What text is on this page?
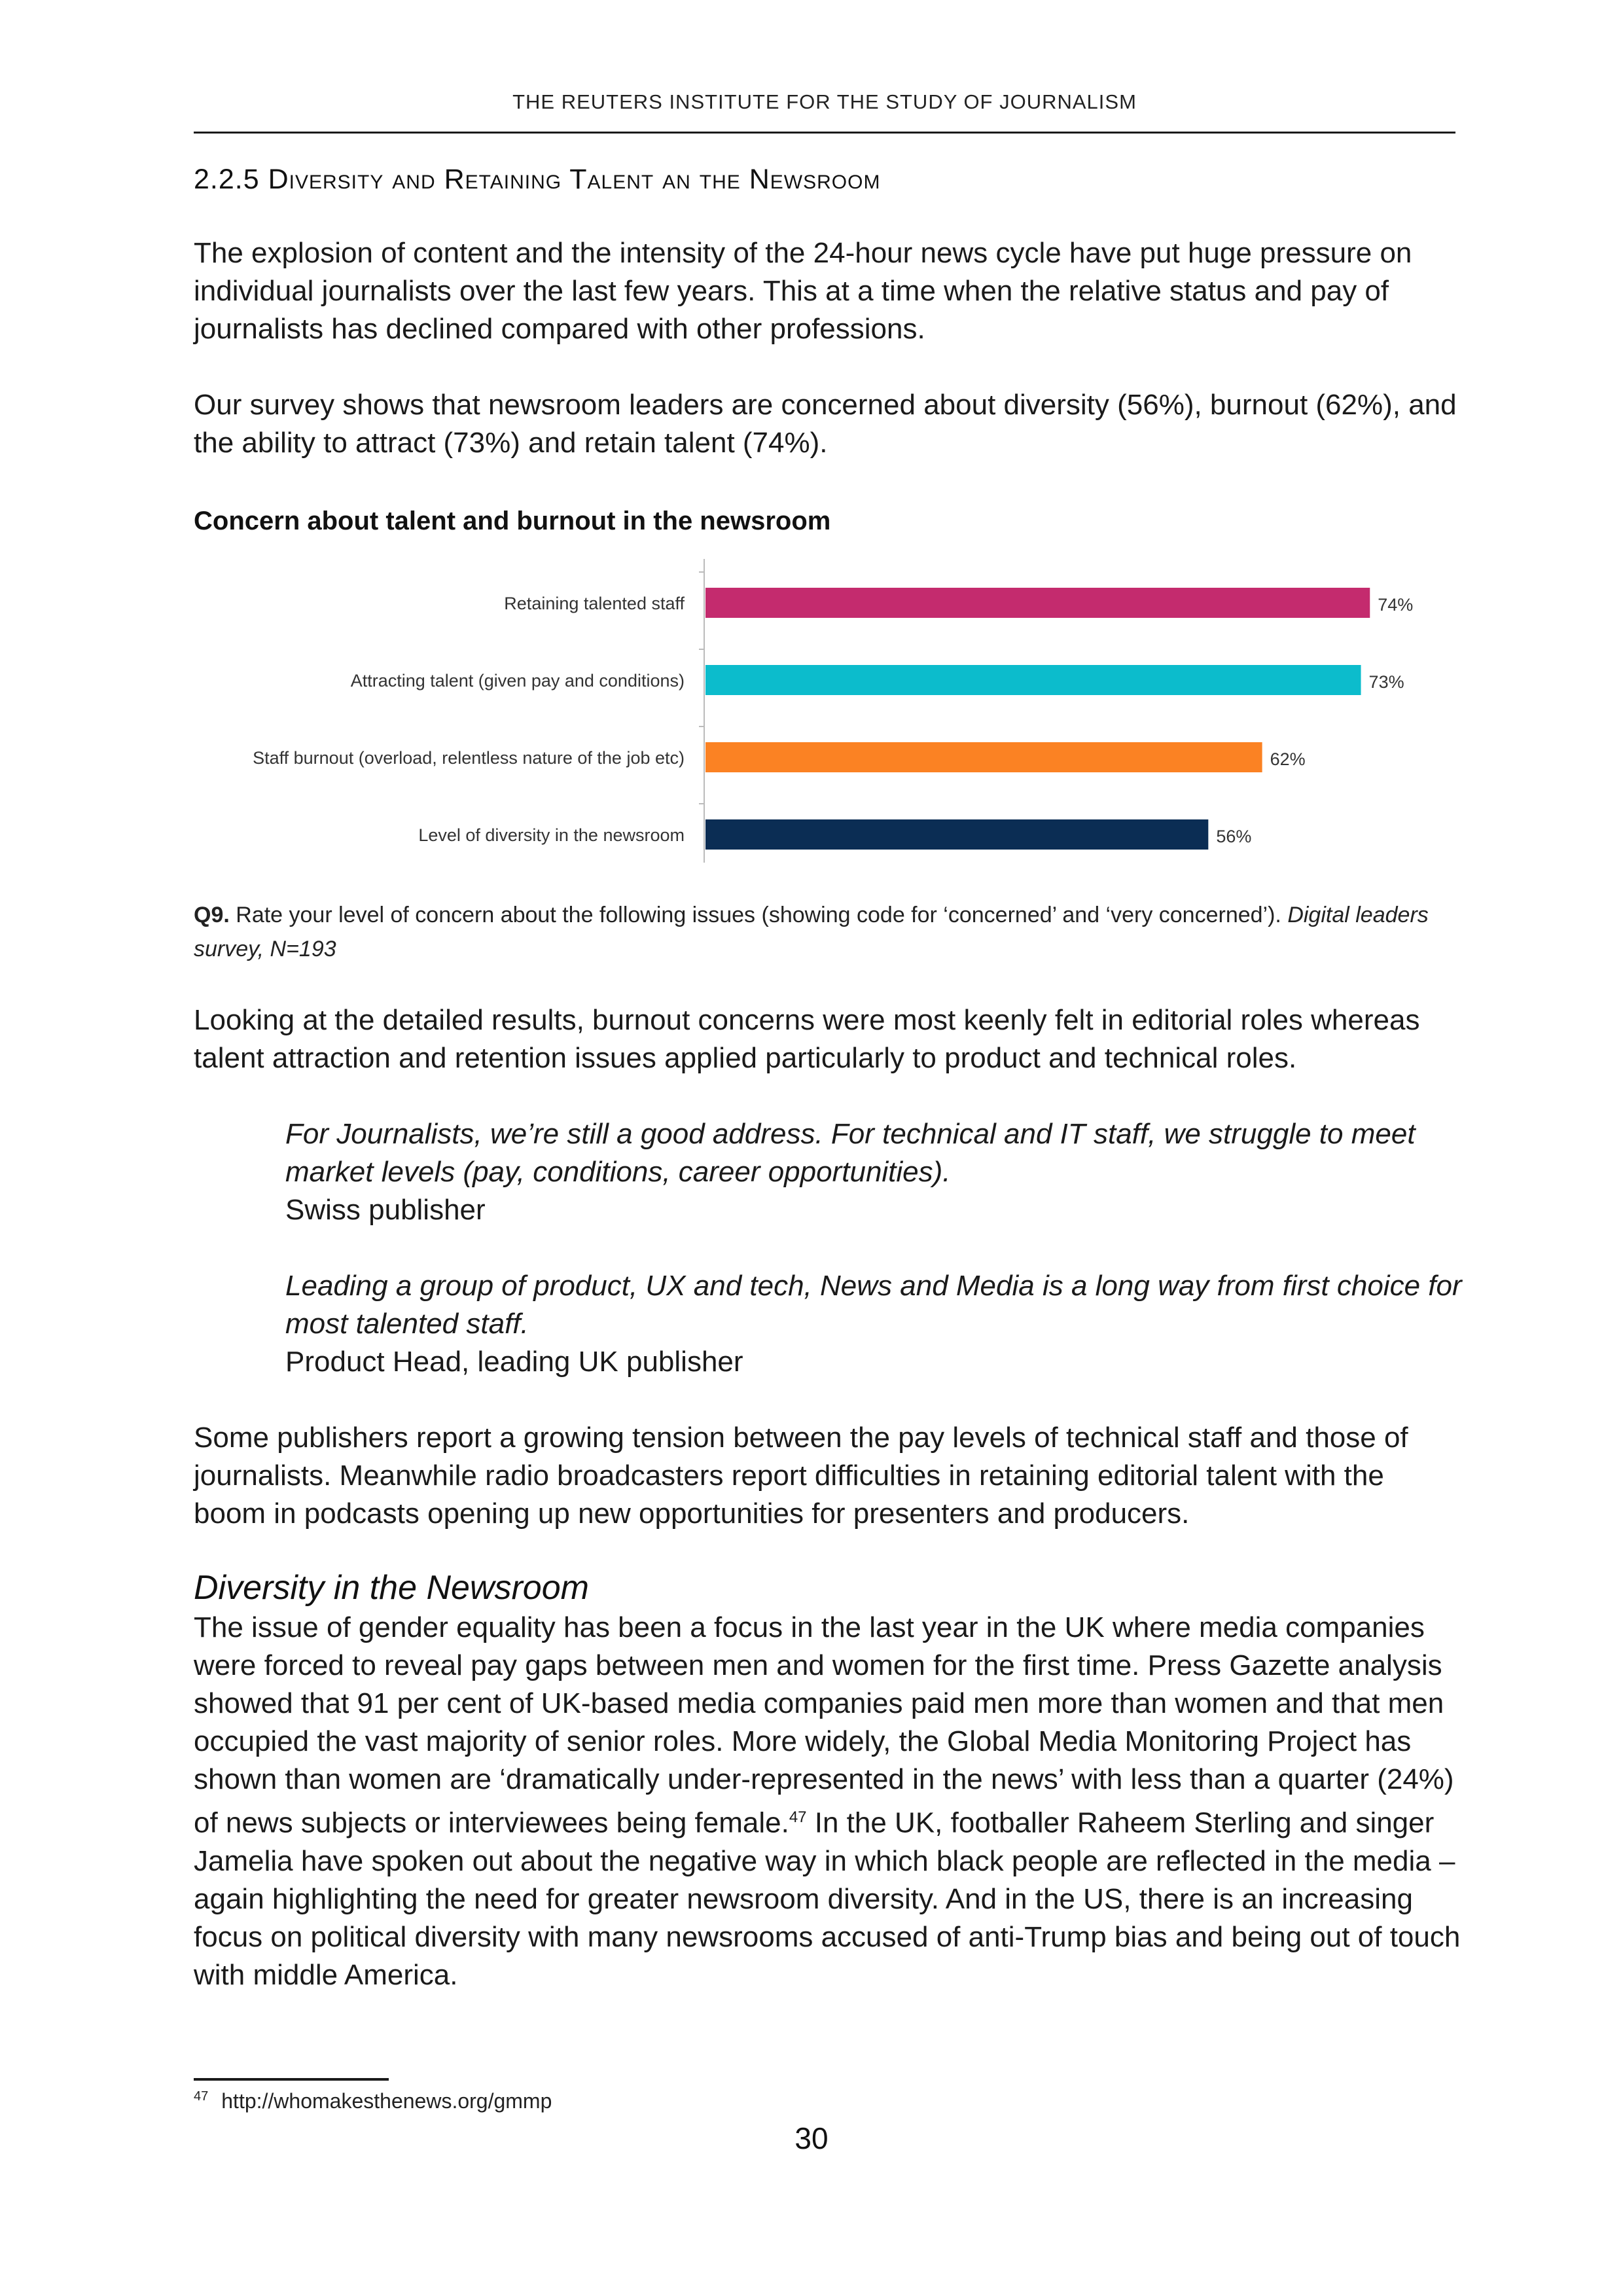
THE REUTERS INSTITUTE FOR THE STUDY OF JOURNALISM
2.2.5 Diversity and Retaining Talent an the Newsroom

The explosion of content and the intensity of the 24-hour news cycle have put huge pressure on individual journalists over the last few years. This at a time when the relative status and pay of journalists has declined compared with other professions.

Our survey shows that newsroom leaders are concerned about diversity (56%), burnout (62%), and the ability to attract (73%) and retain talent (74%).

Concern about talent and burnout in the newsroom
Retaining talented staff	74%
Attracting talent (given pay and conditions)	73%
Staff burnout (overload, relentless nature of the job etc)	62%
Level of diversity in the newsroom	56%
Q9. Rate your level of concern about the following issues (showing code for ‘concerned’ and ‘very concerned’). Digital leaders survey, N=193

Looking at the detailed results, burnout concerns were most keenly felt in editorial roles whereas talent attraction and retention issues applied particularly to product and technical roles.

For Journalists, we’re still a good address. For technical and IT staff, we struggle to meet market levels (pay, conditions, career opportunities).
Swiss publisher
Leading a group of product, UX and tech, News and Media is a long way from first choice for most talented staff.
Product Head, leading UK publisher

Some publishers report a growing tension between the pay levels of technical staff and those of journalists. Meanwhile radio broadcasters report difficulties in retaining editorial talent with the boom in podcasts opening up new opportunities for presenters and producers.

Diversity in the Newsroom

The issue of gender equality has been a focus in the last year in the UK where media companies were forced to reveal pay gaps between men and women for the first time. Press Gazette analysis showed that 91 per cent of UK-based media companies paid men more than women and that men occupied the vast majority of senior roles. More widely, the Global Media Monitoring Project has shown than women are ‘dramatically under-represented in the news’ with less than a quarter (24%) of news subjects or interviewees being female.$^{47}$ In the UK, footballer Raheem Sterling and singer Jamelia have spoken out about the negative way in which black people are reflected in the media – again highlighting the need for greater newsroom diversity. And in the US, there is an increasing focus on political diversity with many newsrooms accused of anti-Trump bias and being out of touch with middle America.

$^{47}$ http://whomakesthenews.org/gmmp
30
